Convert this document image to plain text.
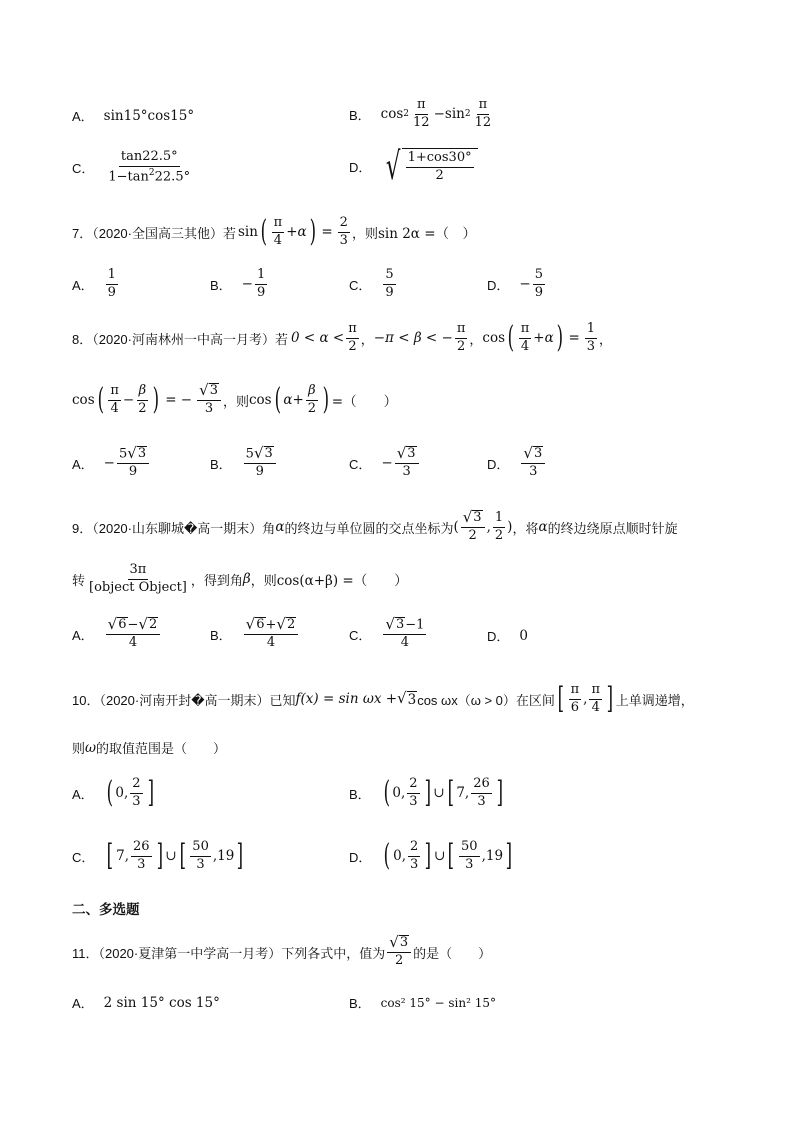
A． sin15°cos15°	B． $\cos 2 \frac{\pi}{12} - \sin 2 \frac{\pi}{12}$
C． $\frac{\tan 22.5^\circ}{1-\tan^222.5^\circ}$	D． √ $\frac{1+\cos 30^\circ}{2}$
7．（2020·全国高三其他）若 sin ( $\frac{\pi}{4} + \alpha$ ) = $\frac{2}{3}$ ，则 sin 2α =（　）
A． $\frac{1}{9}$	B． − $\frac{1}{9}$	C． $\frac{5}{9}$	D． − $\frac{5}{9}$
8．（2020·河南林州一中高一月考）若 $0 < \alpha < \frac{\pi}{2}$ ， −π < β < − $\frac{\pi}{2}$ ， cos ( $\frac{\pi}{4} + \alpha$ ) = $\frac{1}{3}$ ，
cos ( $\frac{\pi}{4} - \frac{\beta}{2}$ ) = − $\frac{√ 3}{3}$ ，则 cos ( $\alpha + \frac{\beta}{2}$ ) =（　　）
A． − $\frac{5 √ 3}{9}$	B． $\frac{5 √ 3}{9}$	C． − $\frac{√ 3}{3}$	D． $\frac{√ 3}{3}$
9．（2020·山东聊城�高一期末）角 α 的终边与单位圆的交点坐标为 ( $\frac{√ 3}{2}$ , $\frac{1}{2}$ ) ，将 α 的终边绕原点顺时针旋
转 $\frac{3\pi}{\text{[object Object]}}$ ，得到角 β ，则 cos(α+β) =（　　）
A． $\frac{√ 6 - √ 2}{4}$	B． $\frac{√ 6 + √ 2}{4}$	C． $\frac{√ 3 -1}{4}$	D． 0
10．（2020·河南开封�高一期末）已知 f(x) = sin ωx + √ 3 cos ωx（ω > 0）在区间 [ $\frac{\pi}{6}$ , $\frac{\pi}{4}$ ] 上单调递增，
则 ω 的取值范围是（　　）
A． ( 0, $\frac{2}{3}$ ]	B． ( 0, $\frac{2}{3}$ ] ∪ [ 7, $\frac{26}{3}$ ]
C． [ 7, $\frac{26}{3}$ ] ∪ [ $\frac{50}{3} ,19$ ]	D． ( 0, $\frac{2}{3}$ ] ∪ [ $\frac{50}{3} ,19$ ]
二、多选题
11．（2020·夏津第一中学高一月考）下列各式中，值为 $\frac{√ 3}{2}$ 的是（　　）
A． 2 sin 15° cos 15°	B． cos² 15° − sin² 15°
